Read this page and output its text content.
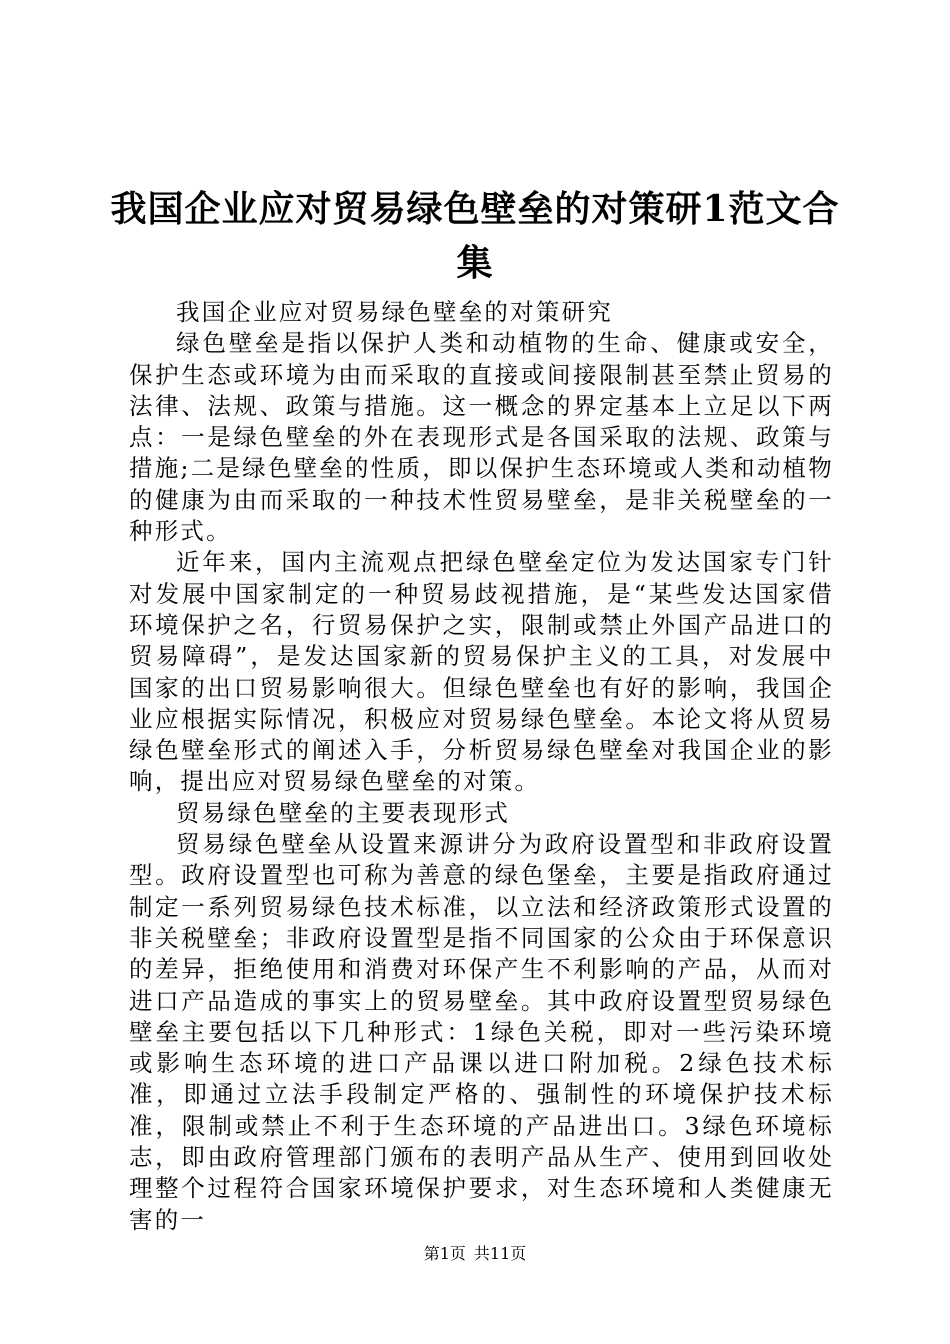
我国企业应对贸易绿色壁垒的对策研1范文合集

我国企业应对贸易绿色壁垒的对策研究

绿色壁垒是指以保护人类和动植物的生命、健康或安全，保护生态或环境为由而采取的直接或间接限制甚至禁止贸易的法律、法规、政策与措施。这一概念的界定基本上立足以下两点：一是绿色壁垒的外在表现形式是各国采取的法规、政策与措施;二是绿色壁垒的性质，即以保护生态环境或人类和动植物的健康为由而采取的一种技术性贸易壁垒，是非关税壁垒的一种形式。

近年来，国内主流观点把绿色壁垒定位为发达国家专门针对发展中国家制定的一种贸易歧视措施，是“某些发达国家借环境保护之名，行贸易保护之实，限制或禁止外国产品进口的贸易障碍”，是发达国家新的贸易保护主义的工具，对发展中国家的出口贸易影响很大。但绿色壁垒也有好的影响，我国企业应根据实际情况，积极应对贸易绿色壁垒。本论文将从贸易绿色壁垒形式的阐述入手，分析贸易绿色壁垒对我国企业的影响，提出应对贸易绿色壁垒的对策。

贸易绿色壁垒的主要表现形式

贸易绿色壁垒从设置来源讲分为政府设置型和非政府设置型。政府设置型也可称为善意的绿色堡垒，主要是指政府通过制定一系列贸易绿色技术标准，以立法和经济政策形式设置的非关税壁垒；非政府设置型是指不同国家的公众由于环保意识的差异，拒绝使用和消费对环保产生不利影响的产品，从而对进口产品造成的事实上的贸易壁垒。其中政府设置型贸易绿色壁垒主要包括以下几种形式：1绿色关税，即对一些污染环境或影响生态环境的进口产品课以进口附加税。2绿色技术标准，即通过立法手段制定严格的、强制性的环境保护技术标准，限制或禁止不利于生态环境的产品进出口。3绿色环境标志，即由政府管理部门颁布的表明产品从生产、使用到回收处理整个过程符合国家环境保护要求，对生态环境和人类健康无害的一

第1页 共11页
